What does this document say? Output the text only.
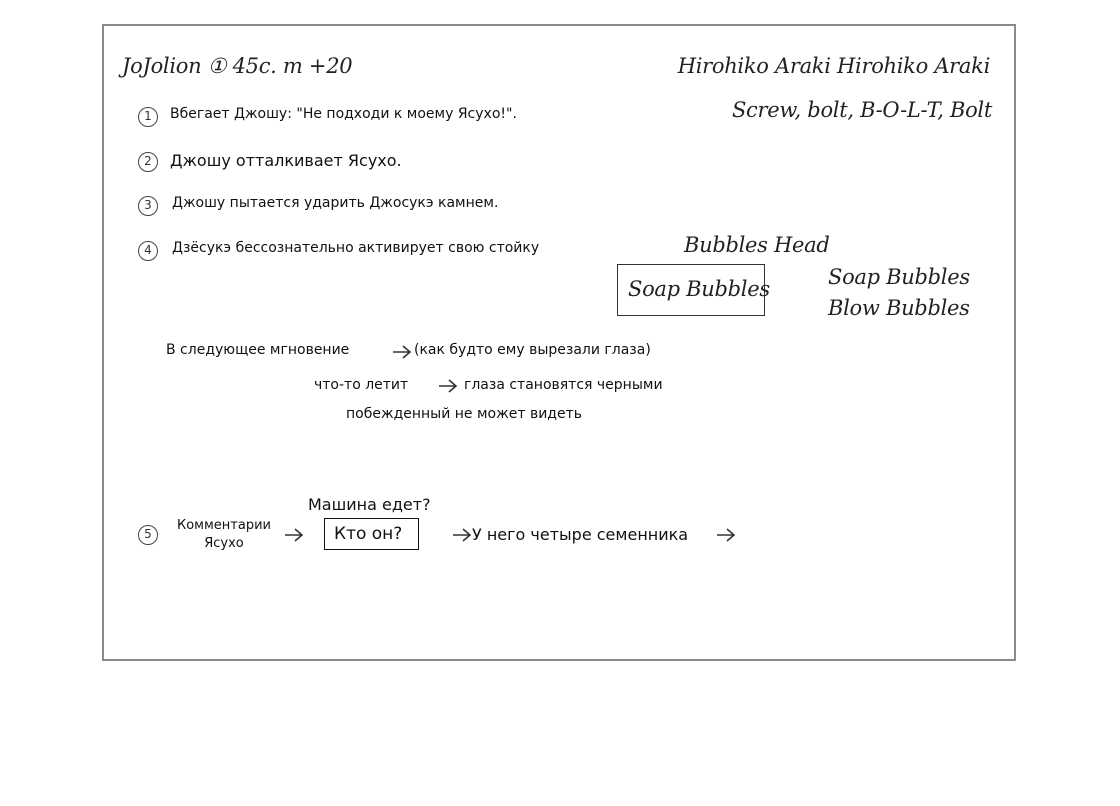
JoJolion ① 45c. m +20	Hirohiko Araki Hirohiko Araki
Screw, bolt, B-O-L-T, Bolt
1	Вбегает Джошу: "Не подходи к моему Ясухо!".
2	Джошу отталкивает Ясухо.
3	Джошу пытается ударить Джосукэ камнем.
4	Дзёсукэ бессознательно активирует свою стойку	Bubbles Head
Soap Bubbles	Soap Bubbles
Blow Bubbles
В следующее мгновение	(как будто ему вырезали глаза)
что-то летит	глаза становятся черными
побежденный не может видеть
Машина едет?
5
Комментарии
Ясухо	Кто он?	У него четыре семенника
